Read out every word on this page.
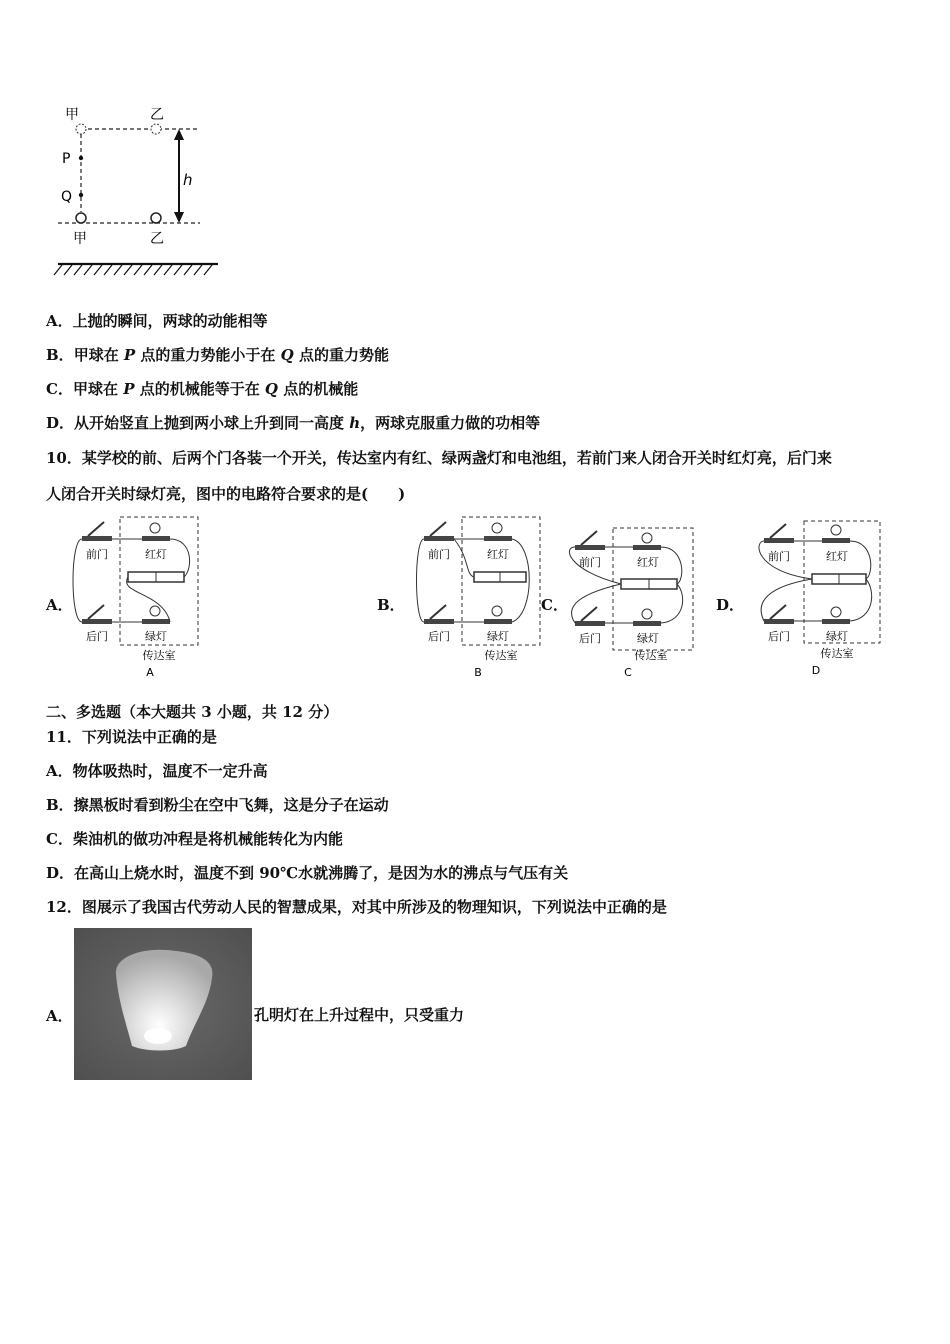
甲	乙
P
Q
h
甲	乙
A．上抛的瞬间，两球的动能相等
B．甲球在 P 点的重力势能小于在 Q 点的重力势能
C．甲球在 P 点的机械能等于在 Q 点的机械能
D．从开始竖直上抛到两小球上升到同一高度 h，两球克服重力做的功相等
10．某学校的前、后两个门各装一个开关，传达室内有红、绿两盏灯和电池组，若前门来人闭合开关时红灯亮，后门来
人闭合开关时绿灯亮，图中的电路符合要求的是(　　)
A．	B．	C．	D．
前门	红灯
后门	绿灯
传达室
A
前门	红灯
后门	绿灯
传达室
B
前门	红灯
后门	绿灯
传达室
C
前门	红灯
后门	绿灯
传达室
D
二、多选题（本大题共 3 小题，共 12 分）
11．下列说法中正确的是
A．物体吸热时，温度不一定升高
B．擦黑板时看到粉尘在空中飞舞，这是分子在运动
C．柴油机的做功冲程是将机械能转化为内能
D．在高山上烧水时，温度不到 90℃水就沸腾了，是因为水的沸点与气压有关
12．图展示了我国古代劳动人民的智慧成果，对其中所涉及的物理知识，下列说法中正确的是
A．	孔明灯在上升过程中，只受重力
